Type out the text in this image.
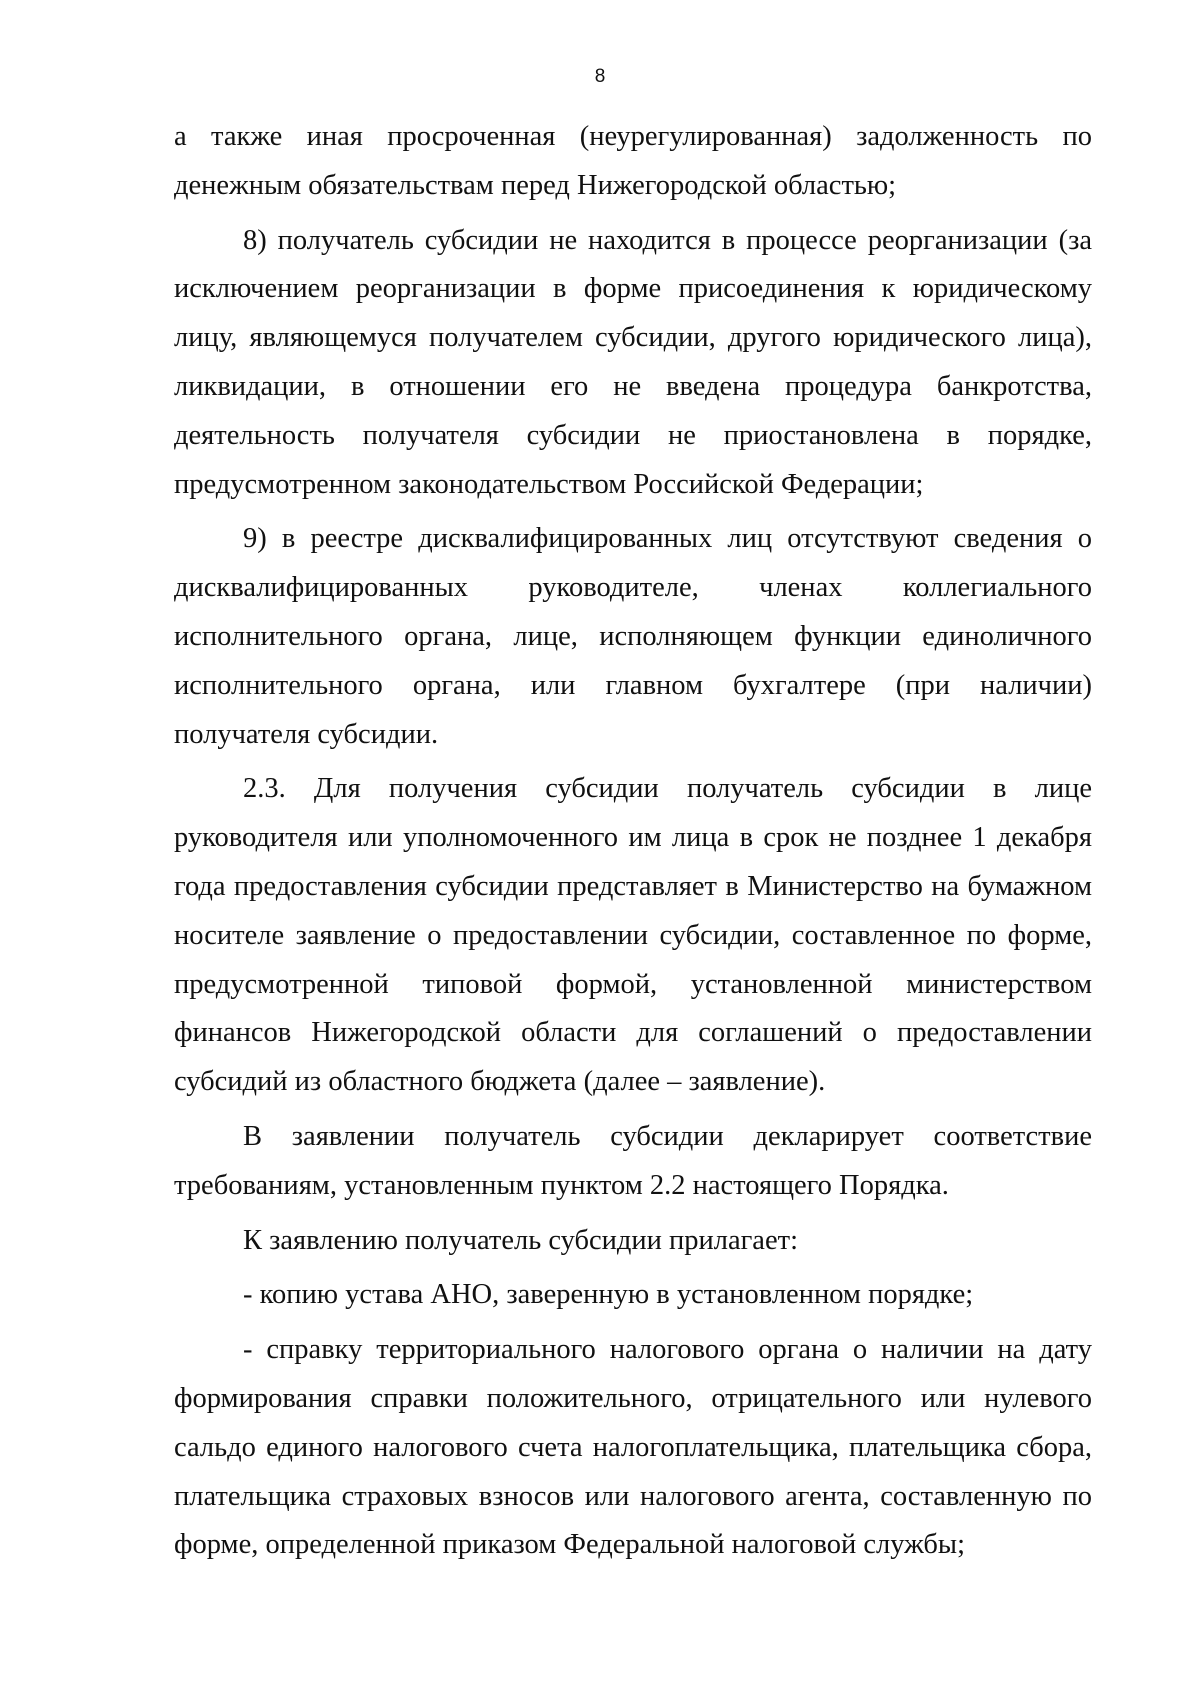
8

а также иная просроченная (неурегулированная) задолженность по денежным обязательствам перед Нижегородской областью;

8) получатель субсидии не находится в процессе реорганизации (за исключением реорганизации в форме присоединения к юридическому лицу, являющемуся получателем субсидии, другого юридического лица), ликвидации, в отношении его не введена процедура банкротства, деятельность получателя субсидии не приостановлена в порядке, предусмотренном законодательством Российской Федерации;

9) в реестре дисквалифицированных лиц отсутствуют сведения о дисквалифицированных руководителе, членах коллегиального исполнительного органа, лице, исполняющем функции единоличного исполнительного органа, или главном бухгалтере (при наличии) получателя субсидии.

2.3. Для получения субсидии получатель субсидии в лице руководителя или уполномоченного им лица в срок не позднее 1 декабря года предоставления субсидии представляет в Министерство на бумажном носителе заявление о предоставлении субсидии, составленное по форме, предусмотренной типовой формой, установленной министерством финансов Нижегородской области для соглашений о предоставлении субсидий из областного бюджета (далее – заявление).

В заявлении получатель субсидии декларирует соответствие требованиям, установленным пунктом 2.2 настоящего Порядка.

К заявлению получатель субсидии прилагает:

- копию устава АНО, заверенную в установленном порядке;

- справку территориального налогового органа о наличии на дату формирования справки положительного, отрицательного или нулевого сальдо единого налогового счета налогоплательщика, плательщика сбора, плательщика страховых взносов или налогового агента, составленную по форме, определенной приказом Федеральной налоговой службы;
